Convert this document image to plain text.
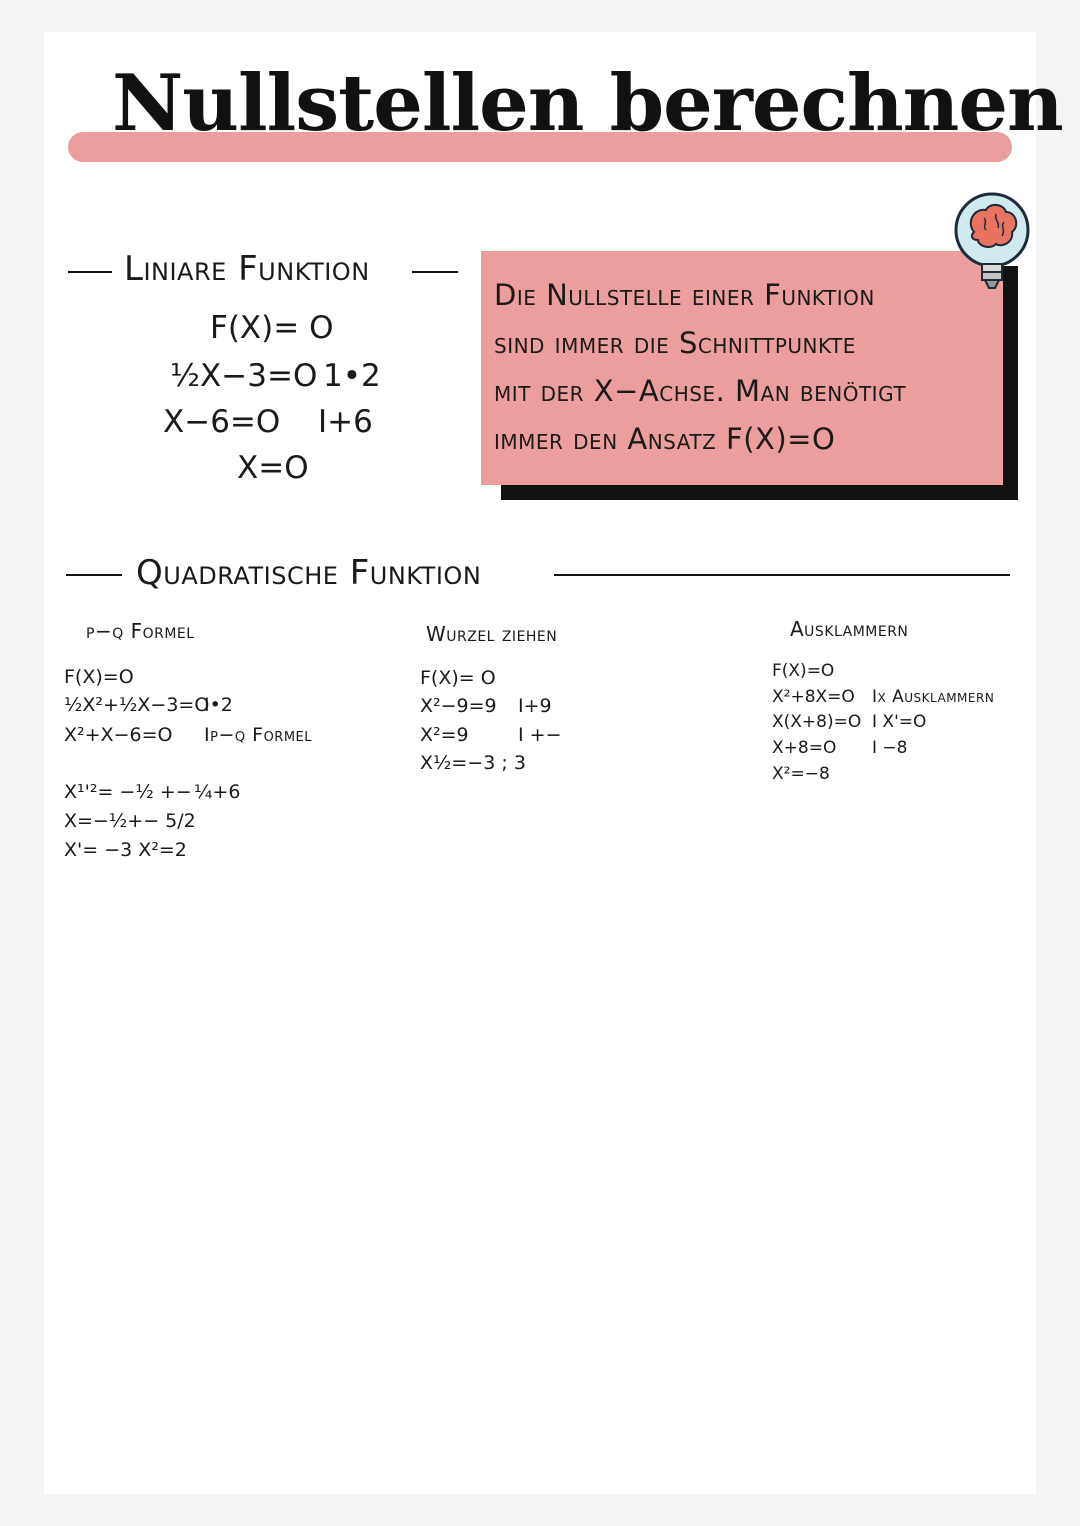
Nullstellen berechnen
Liniare Funktion
F(X)= O
½X−3=O 1•2
X−6=O I+6
X=O
Die Nullstelle einer Funktion
sind immer die Schnittpunkte
mit der X−Achse. Man benötigt
immer den Ansatz F(X)=O
Quadratische Funktion
p−q Formel
F(X)=O
½X²+½X−3=O
I•2
X²+X−6=O Ip−q Formel
X¹'²= −½ +− ¼+6
X=−½+− 5/2
X'= −3 X²=2
Wurzel ziehen
F(X)= O
X²−9=9 I+9
X²=9	I +−
X½=−3 ; 3
Ausklammern
F(X)=O
X²+8X=O Ix Ausklammern
X(X+8)=O I X'=O
X+8=O I −8
X²=−8
